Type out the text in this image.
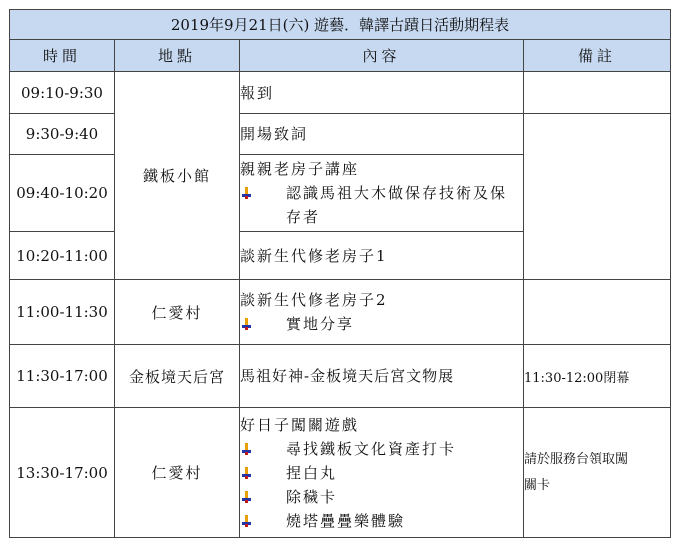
2019年9月21日(六) 遊藝．韓譯古蹟日活動期程表			
時間	地點	內容	備註
09:10-9:30	鐵板小館	報到	

9:30-9:40		開場致詞	

09:40-10:20		親親老房子講座
認識馬祖大木做保存技術及保存者	

10:20-11:00		談新生代修老房子1	

11:00-11:30	仁愛村	談新生代修老房子2
實地分享	

11:30-17:00	金板境天后宮	馬祖好神-金板境天后宮文物展	11:30-12:00閉幕
13:30-17:00	仁愛村	好日子闖關遊戲
尋找鐵板文化資產打卡
捏白丸
除穢卡
燒塔疊疊樂體驗	請於服務台領取闖關卡
